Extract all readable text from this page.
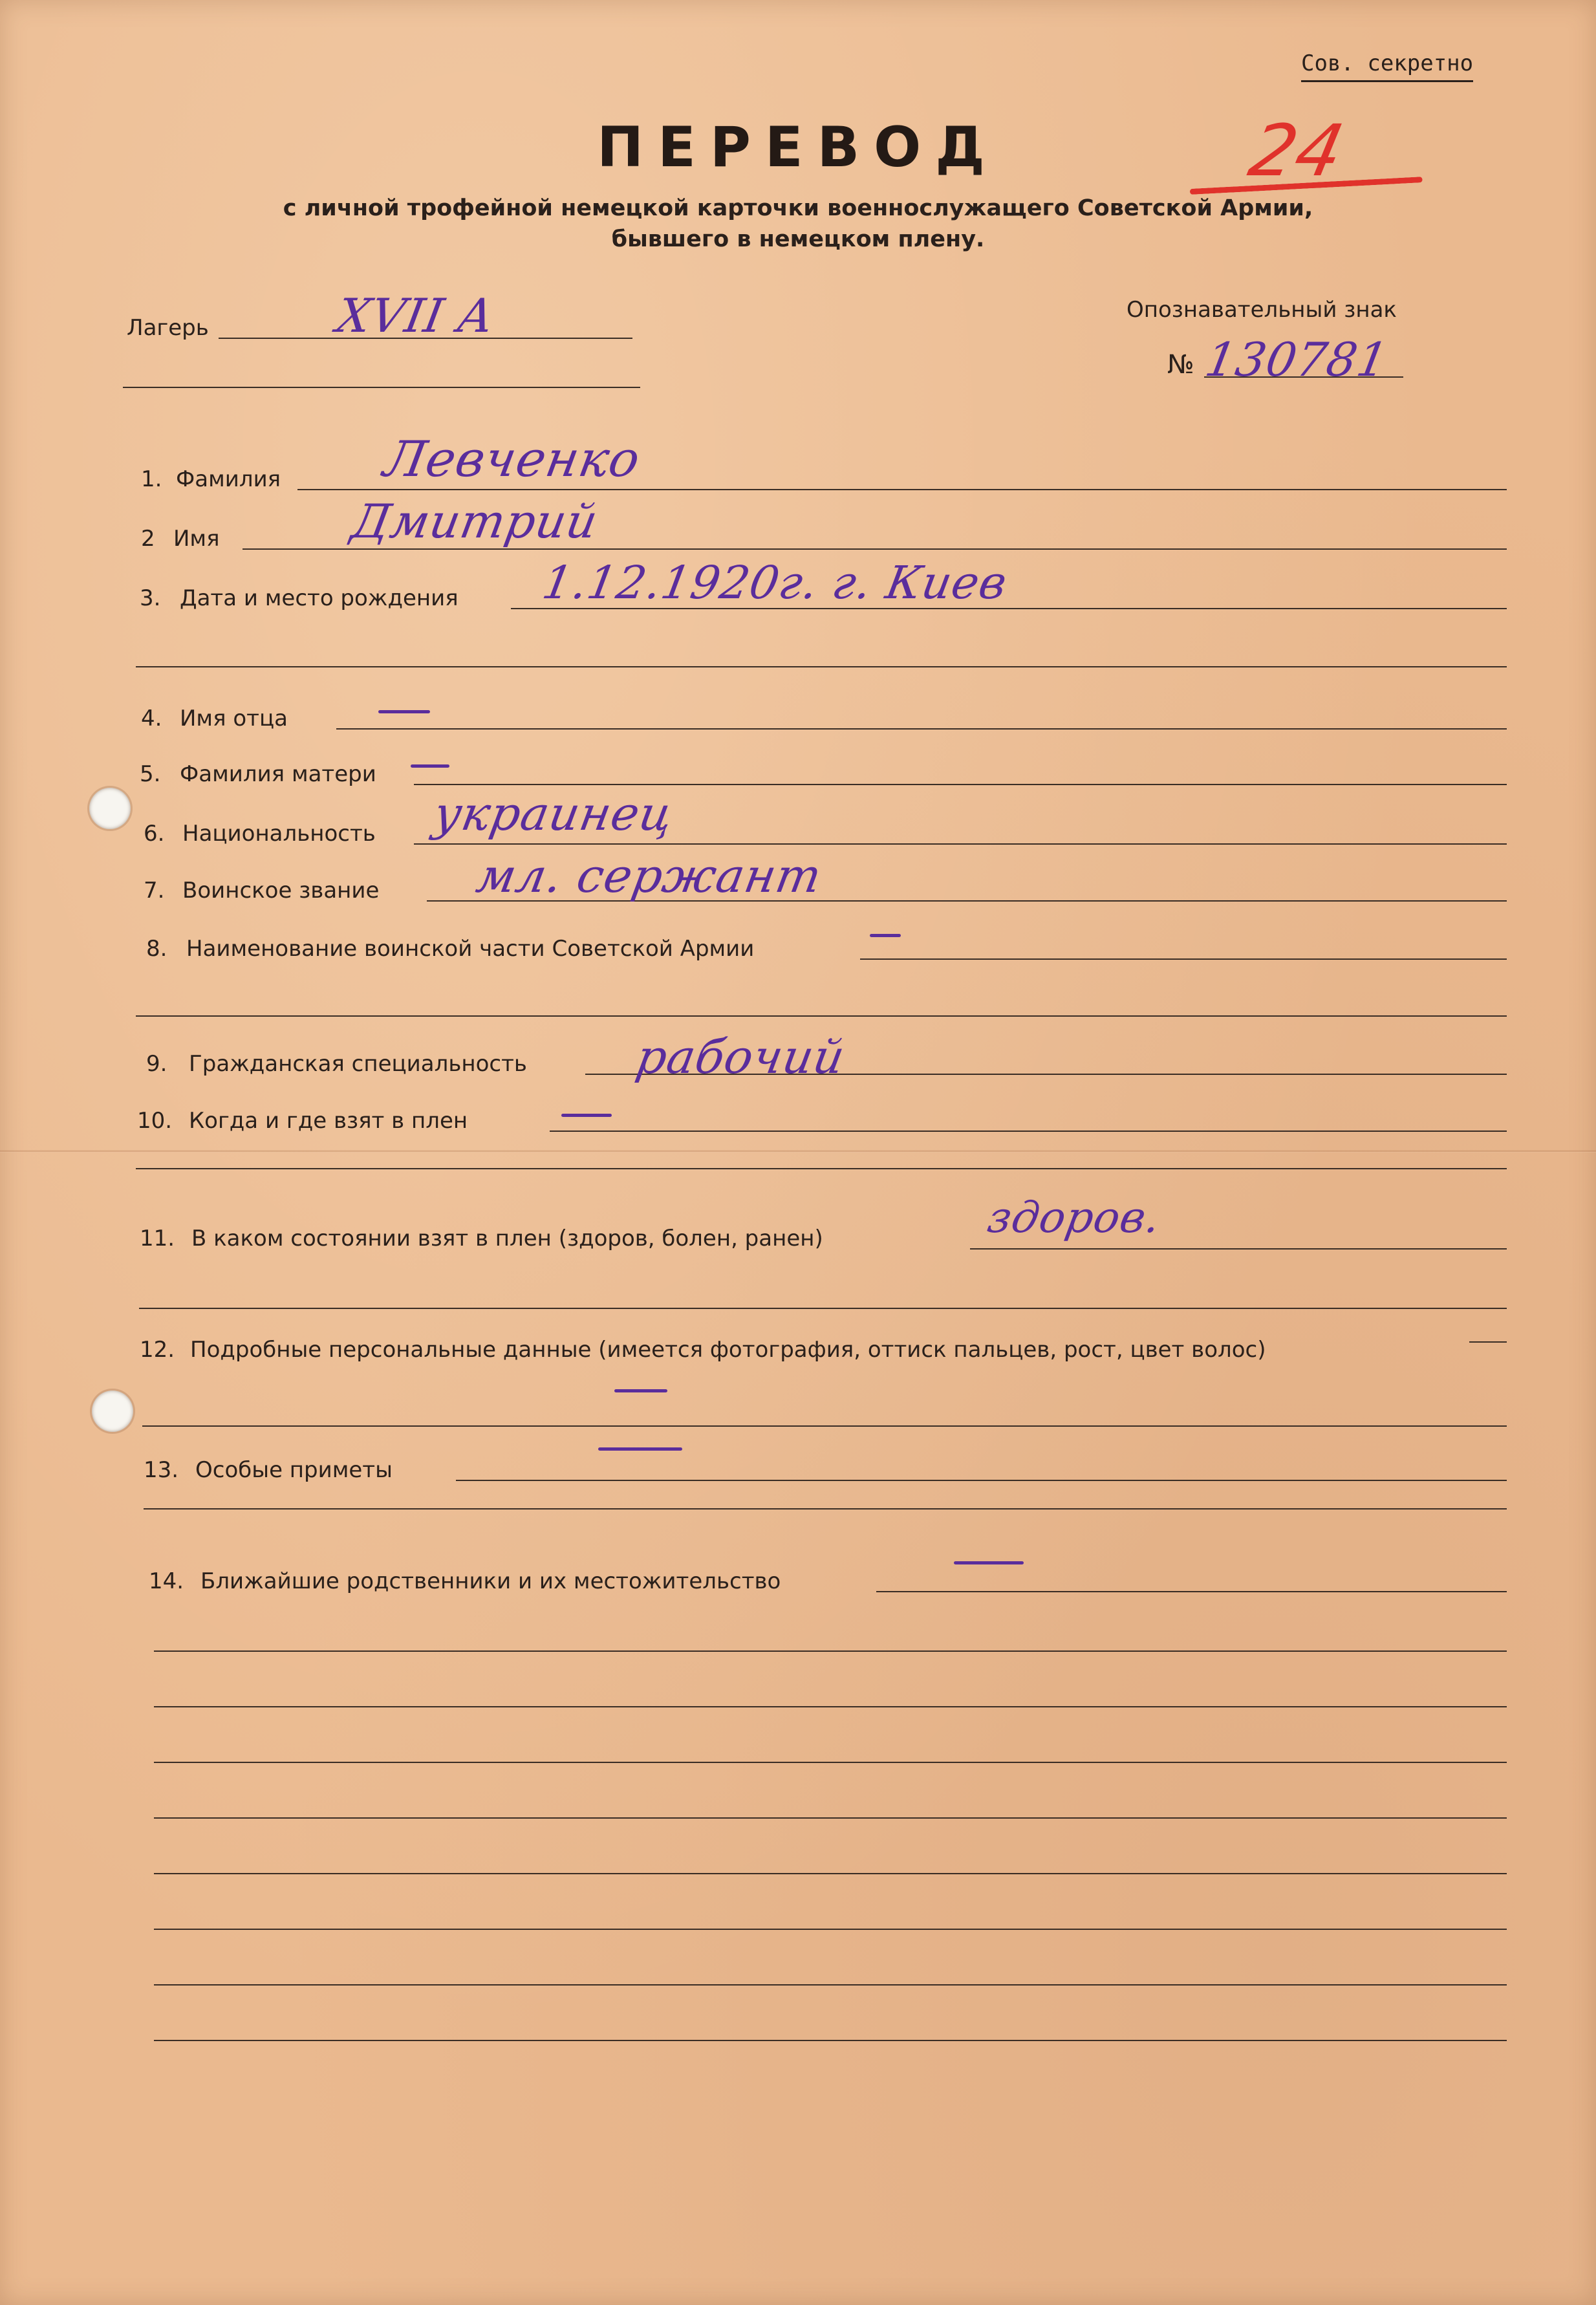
Сов. секретно
24
ПЕРЕВОД
с личной трофейной немецкой карточки военнослужащего Советской Армии,
бывшего в немецком плену.
Лагерь	XVII A	Опознавательный знак
№ 130781
1. Фамилия Левченко
2 Имя	Дмитрий
3. Дата и место рождения 1.12.1920г. г. Киев
4. Имя отца
5. Фамилия матери
6. Национальность украинец
7. Воинское звание мл. сержант
8. Наименование воинской части Советской Армии
9. Гражданская специальность рабочий
10. Когда и где взят в плен
11. В каком состоянии взят в плен (здоров, болен, ранен)	здоров.
12. Подробные персональные данные (имеется фотография, оттиск пальцев, рост, цвет волос)
13. Особые приметы
14. Ближайшие родственники и их местожительство
